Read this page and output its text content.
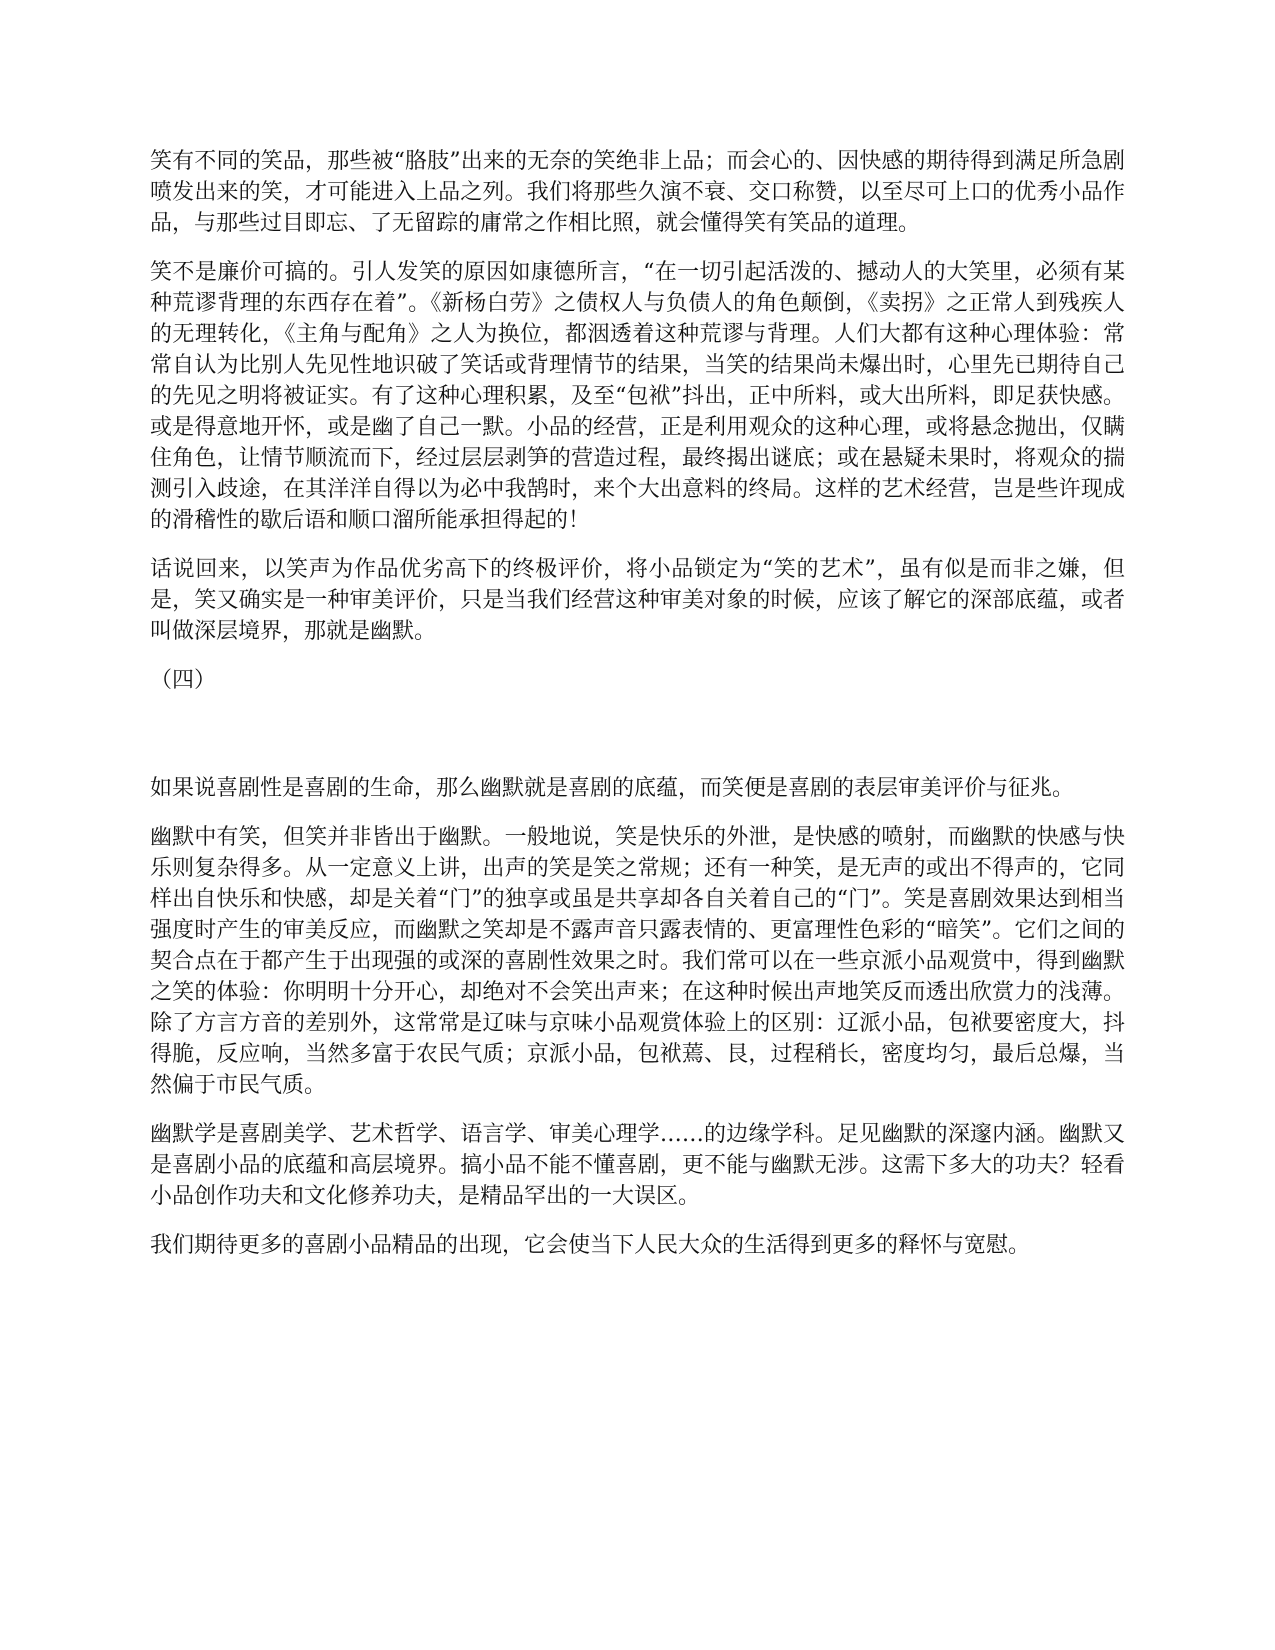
笑有不同的笑品，那些被“胳肢”出来的无奈的笑绝非上品；而会心的、因快感的期待得到满足所急剧喷发出来的笑，才可能进入上品之列。我们将那些久演不衰、交口称赞，以至尽可上口的优秀小品作品，与那些过目即忘、了无留踪的庸常之作相比照，就会懂得笑有笑品的道理。

笑不是廉价可搞的。引人发笑的原因如康德所言，“在一切引起活泼的、撼动人的大笑里，必须有某种荒谬背理的东西存在着”。《新杨白劳》之债权人与负债人的角色颠倒，《卖拐》之正常人到残疾人的无理转化，《主角与配角》之人为换位，都洇透着这种荒谬与背理。人们大都有这种心理体验：常常自认为比别人先见性地识破了笑话或背理情节的结果，当笑的结果尚未爆出时，心里先已期待自己的先见之明将被证实。有了这种心理积累，及至“包袱”抖出，正中所料，或大出所料，即足获快感。或是得意地开怀，或是幽了自己一默。小品的经营，正是利用观众的这种心理，或将悬念抛出，仅瞒住角色，让情节顺流而下，经过层层剥笋的营造过程，最终揭出谜底；或在悬疑未果时，将观众的揣测引入歧途，在其洋洋自得以为必中我鹄时，来个大出意料的终局。这样的艺术经营，岂是些许现成的滑稽性的歇后语和顺口溜所能承担得起的！

话说回来，以笑声为作品优劣高下的终极评价，将小品锁定为“笑的艺术”，虽有似是而非之嫌，但是，笑又确实是一种审美评价，只是当我们经营这种审美对象的时候，应该了解它的深部底蕴，或者叫做深层境界，那就是幽默。

（四）

如果说喜剧性是喜剧的生命，那么幽默就是喜剧的底蕴，而笑便是喜剧的表层审美评价与征兆。

幽默中有笑，但笑并非皆出于幽默。一般地说，笑是快乐的外泄，是快感的喷射，而幽默的快感与快乐则复杂得多。从一定意义上讲，出声的笑是笑之常规；还有一种笑，是无声的或出不得声的，它同样出自快乐和快感，却是关着“门”的独享或虽是共享却各自关着自己的“门”。笑是喜剧效果达到相当强度时产生的审美反应，而幽默之笑却是不露声音只露表情的、更富理性色彩的“暗笑”。它们之间的契合点在于都产生于出现强的或深的喜剧性效果之时。我们常可以在一些京派小品观赏中，得到幽默之笑的体验：你明明十分开心，却绝对不会笑出声来；在这种时候出声地笑反而透出欣赏力的浅薄。除了方言方音的差别外，这常常是辽味与京味小品观赏体验上的区别：辽派小品，包袱要密度大，抖得脆，反应响，当然多富于农民气质；京派小品，包袱蔫、艮，过程稍长，密度均匀，最后总爆，当然偏于市民气质。

幽默学是喜剧美学、艺术哲学、语言学、审美心理学……的边缘学科。足见幽默的深邃内涵。幽默又是喜剧小品的底蕴和高层境界。搞小品不能不懂喜剧，更不能与幽默无涉。这需下多大的功夫？轻看小品创作功夫和文化修养功夫，是精品罕出的一大误区。

我们期待更多的喜剧小品精品的出现，它会使当下人民大众的生活得到更多的释怀与宽慰。
